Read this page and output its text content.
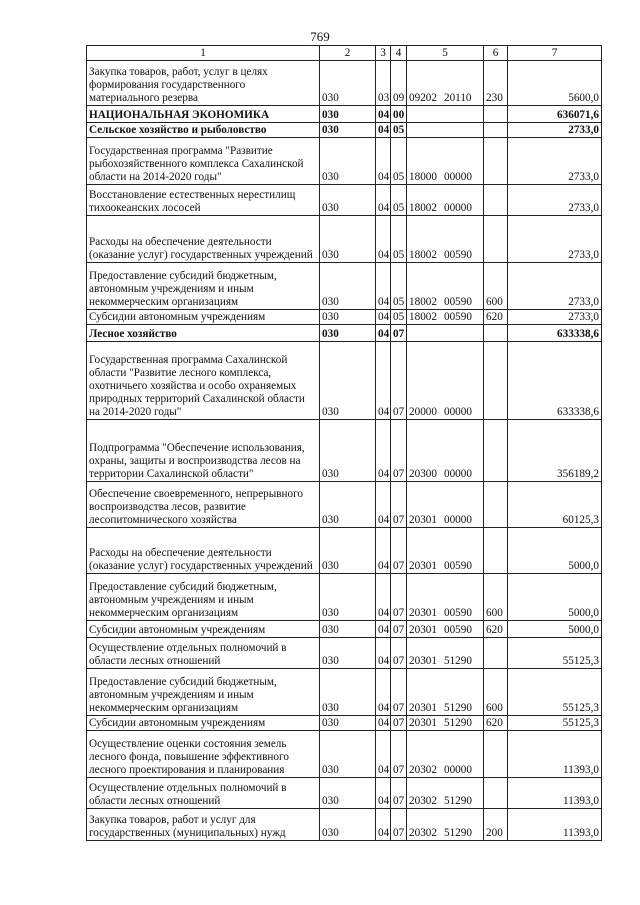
769
1	2	3	4	5	6	7
Закупка товаров, работ, услуг в целях формирования государственного материального резерва	030	03	09	09202 20110	230	5600,0
НАЦИОНАЛЬНАЯ ЭКОНОМИКА	030	04	00			636071,6
Сельское хозяйство и рыболовство	030	04	05			2733,0
Государственная программа "Развитие рыбохозяйственного комплекса Сахалинской области на 2014-2020 годы"	030	04	05	18000 00000		2733,0
Восстановление естественных нерестилищ тихоокеанских лососей	030	04	05	18002 00000		2733,0
Расходы на обеспечение деятельности (оказание услуг) государственных учреждений	030	04	05	18002 00590		2733,0
Предоставление субсидий бюджетным, автономным учреждениям и иным некоммерческим организациям	030	04	05	18002 00590	600	2733,0
Субсидии автономным учреждениям	030	04	05	18002 00590	620	2733,0
Лесное хозяйство	030	04	07			633338,6
Государственная программа Сахалинской области "Развитие лесного комплекса, охотничьего хозяйства и особо охраняемых природных территорий Сахалинской области на 2014-2020 годы"	030	04	07	20000 00000		633338,6
Подпрограмма "Обеспечение использования, охраны, защиты и воспроизводства лесов на территории Сахалинской области"	030	04	07	20300 00000		356189,2
Обеспечение своевременного, непрерывного воспроизводства лесов, развитие лесопитомнического хозяйства	030	04	07	20301 00000		60125,3
Расходы на обеспечение деятельности (оказание услуг) государственных учреждений	030	04	07	20301 00590		5000,0
Предоставление субсидий бюджетным, автономным учреждениям и иным некоммерческим организациям	030	04	07	20301 00590	600	5000,0
Субсидии автономным учреждениям	030	04	07	20301 00590	620	5000,0
Осуществление отдельных полномочий в области лесных отношений	030	04	07	20301 51290		55125,3
Предоставление субсидий бюджетным, автономным учреждениям и иным некоммерческим организациям	030	04	07	20301 51290	600	55125,3
Субсидии автономным учреждениям	030	04	07	20301 51290	620	55125,3
Осуществление оценки состояния земель лесного фонда, повышение эффективного лесного проектирования и планирования	030	04	07	20302 00000		11393,0
Осуществление отдельных полномочий в области лесных отношений	030	04	07	20302 51290		11393,0
Закупка товаров, работ и услуг для государственных (муниципальных) нужд	030	04	07	20302 51290	200	11393,0
